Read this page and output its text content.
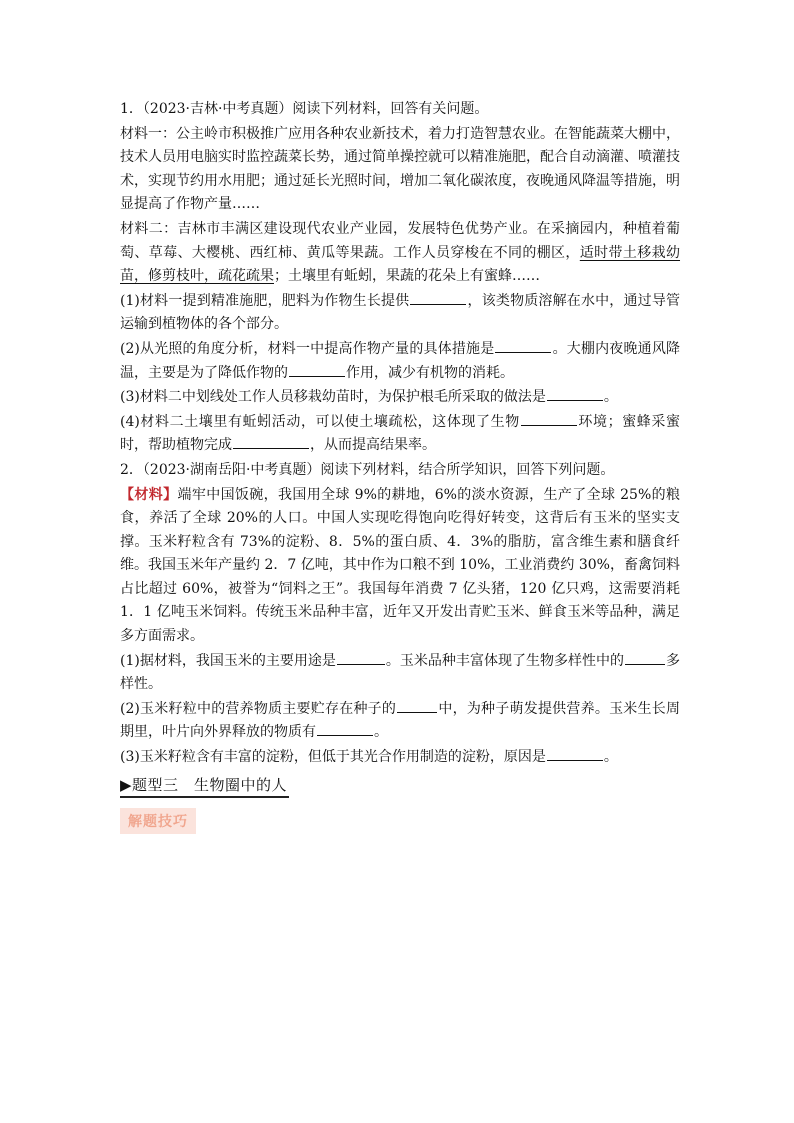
1．（2023·吉林·中考真题）阅读下列材料，回答有关问题。

材料一：公主岭市积极推广应用各种农业新技术，着力打造智慧农业。在智能蔬菜大棚中，技术人员用电脑实时监控蔬菜长势，通过简单操控就可以精准施肥，配合自动滴灌、喷灌技术，实现节约用水用肥；通过延长光照时间，增加二氧化碳浓度，夜晚通风降温等措施，明显提高了作物产量……

材料二：吉林市丰满区建设现代农业产业园，发展特色优势产业。在采摘园内，种植着葡萄、草莓、大樱桃、西红柿、黄瓜等果蔬。工作人员穿梭在不同的棚区，适时带土移栽幼苗，修剪枝叶，疏花疏果；土壤里有蚯蚓，果蔬的花朵上有蜜蜂……

(1)材料一提到精准施肥，肥料为作物生长提供	，该类物质溶解在水中，通过导管运输到植物体的各个部分。

(2)从光照的角度分析，材料一中提高作物产量的具体措施是	。大棚内夜晚通风降温，主要是为了降低作物的	作用，减少有机物的消耗。

(3)材料二中划线处工作人员移栽幼苗时，为保护根毛所采取的做法是	。

(4)材料二土壤里有蚯蚓活动，可以使土壤疏松，这体现了生物	环境；蜜蜂采蜜时，帮助植物完成	，从而提高结果率。

2．（2023·湖南岳阳·中考真题）阅读下列材料，结合所学知识，回答下列问题。

【材料】端牢中国饭碗，我国用全球 9%的耕地，6%的淡水资源，生产了全球 25%的粮食，养活了全球 20%的人口。中国人实现吃得饱向吃得好转变，这背后有玉米的坚实支撑。玉米籽粒含有 73%的淀粉、8．5%的蛋白质、4．3%的脂肪，富含维生素和膳食纤维。我国玉米年产量约 2．7 亿吨，其中作为口粮不到 10%，工业消费约 30%，畜禽饲料占比超过 60%，被誉为“饲料之王”。我国每年消费 7 亿头猪，120 亿只鸡，这需要消耗 1．1 亿吨玉米饲料。传统玉米品种丰富，近年又开发出青贮玉米、鲜食玉米等品种，满足多方面需求。

(1)据材料，我国玉米的主要用途是	。玉米品种丰富体现了生物多样性中的	多样性。

(2)玉米籽粒中的营养物质主要贮存在种子的	中，为种子萌发提供营养。玉米生长周期里，叶片向外界释放的物质有	。

(3)玉米籽粒含有丰富的淀粉，但低于其光合作用制造的淀粉，原因是	。

▶题型三　生物圈中的人
解题技巧
